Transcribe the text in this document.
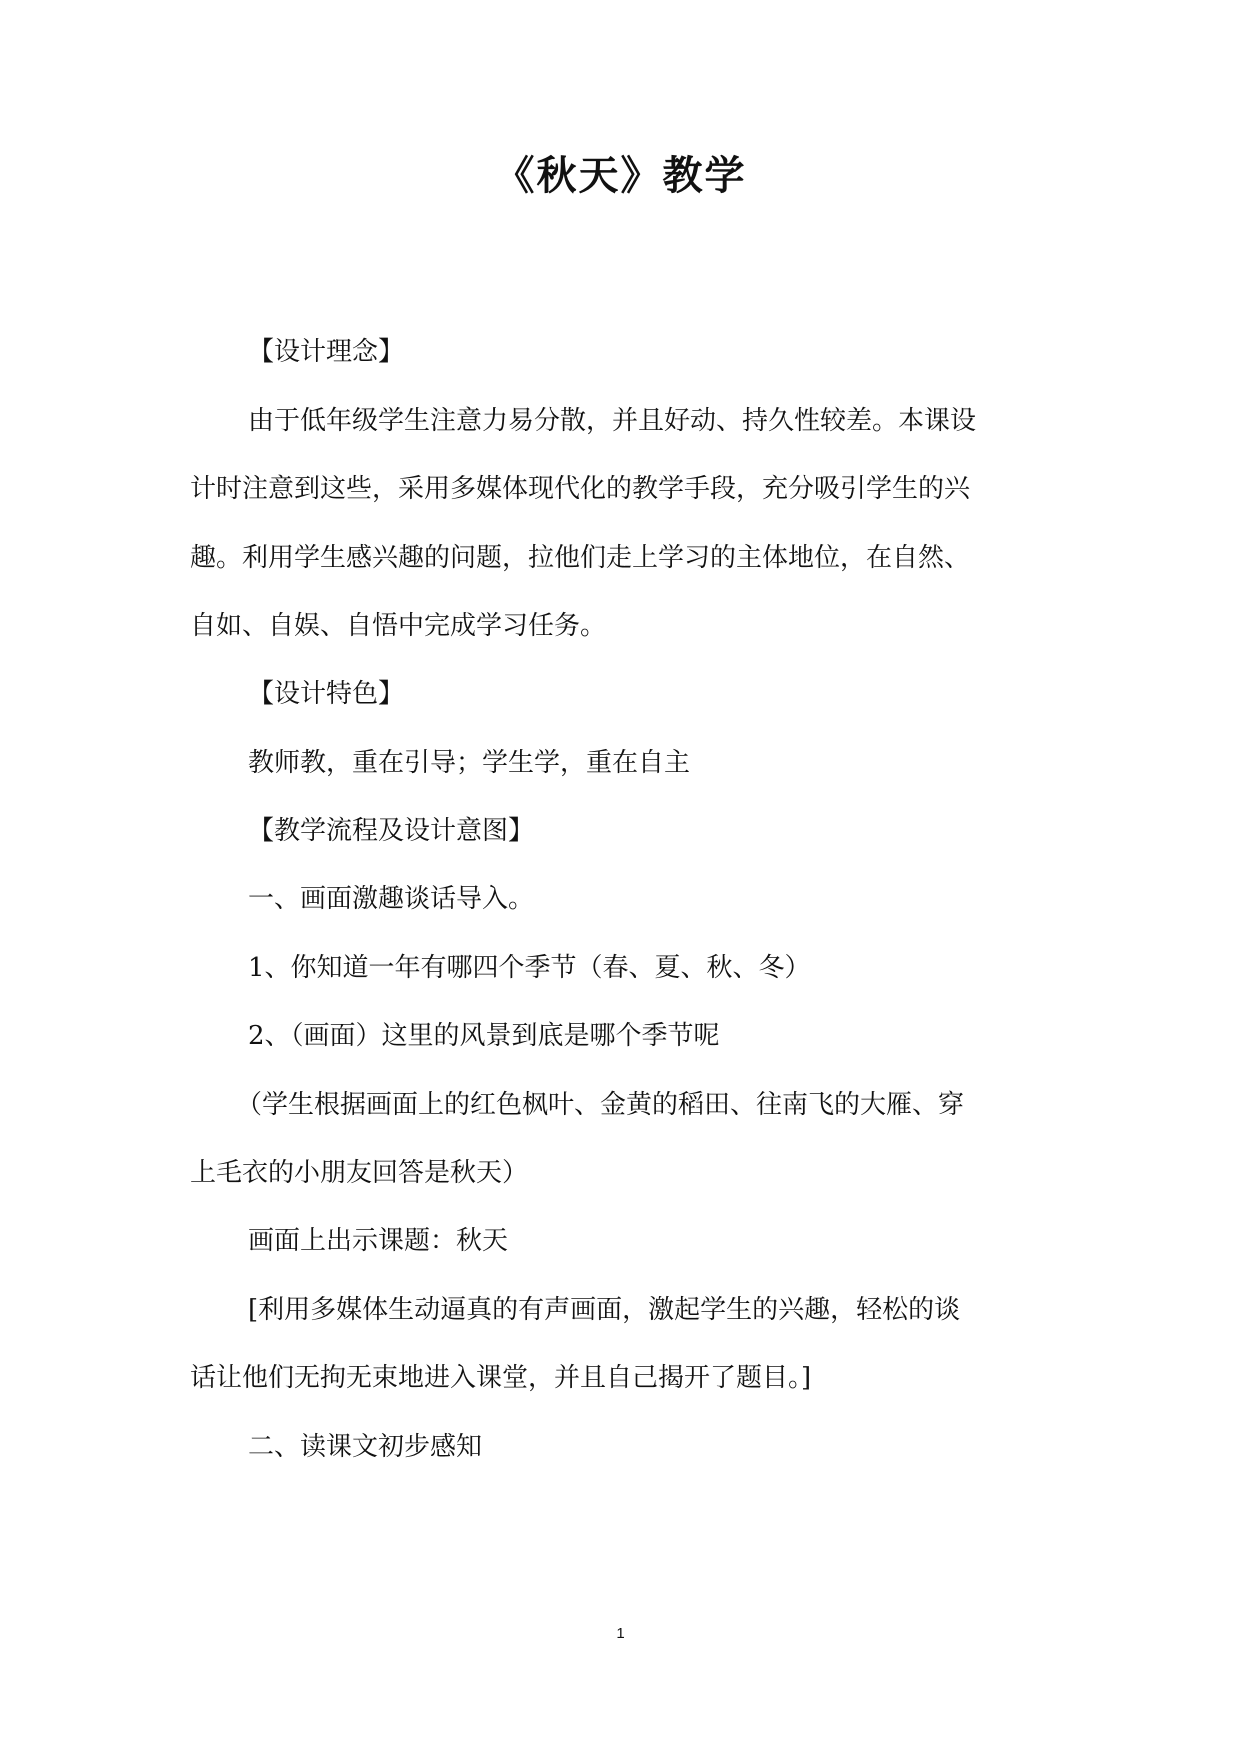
《秋天》教学
【设计理念】
由于低年级学生注意力易分散，并且好动、持久性较差。本课设
计时注意到这些，采用多媒体现代化的教学手段，充分吸引学生的兴
趣。利用学生感兴趣的问题，拉他们走上学习的主体地位，在自然、
自如、自娱、自悟中完成学习任务。
【设计特色】
教师教，重在引导；学生学，重在自主
【教学流程及设计意图】
一、画面激趣谈话导入。
1、你知道一年有哪四个季节（春、夏、秋、冬）
2、（画面）这里的风景到底是哪个季节呢
（学生根据画面上的红色枫叶、金黄的稻田、往南飞的大雁、穿
上毛衣的小朋友回答是秋天）
画面上出示课题：秋天
[利用多媒体生动逼真的有声画面，激起学生的兴趣，轻松的谈
话让他们无拘无束地进入课堂，并且自己揭开了题目。]
二、读课文初步感知
1
